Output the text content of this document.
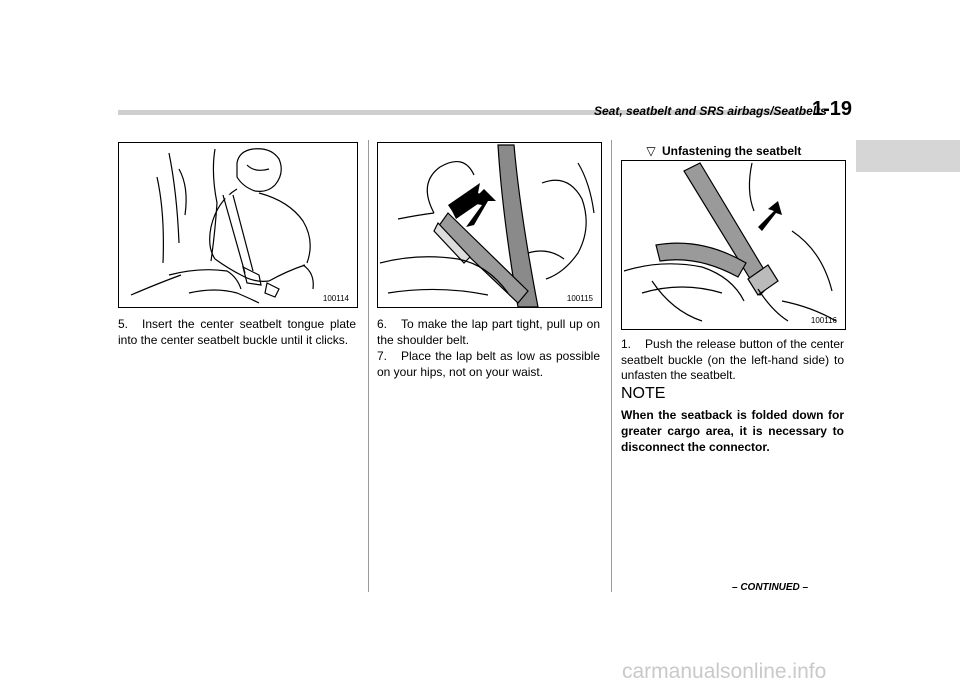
Seat, seatbelt and SRS airbags/Seatbelts
1-19
100114
5. Insert the center seatbelt tongue plate into the center seatbelt buckle until it clicks.
100115
6. To make the lap part tight, pull up on the shoulder belt.
7. Place the lap belt as low as possible on your hips, not on your waist.
▽ Unfastening the seatbelt
100116
1. Push the release button of the center seatbelt buckle (on the left-hand side) to unfasten the seatbelt.
NOTE
When the seatback is folded down for greater cargo area, it is necessary to disconnect the connector.
– CONTINUED –
carmanualsonline.info
